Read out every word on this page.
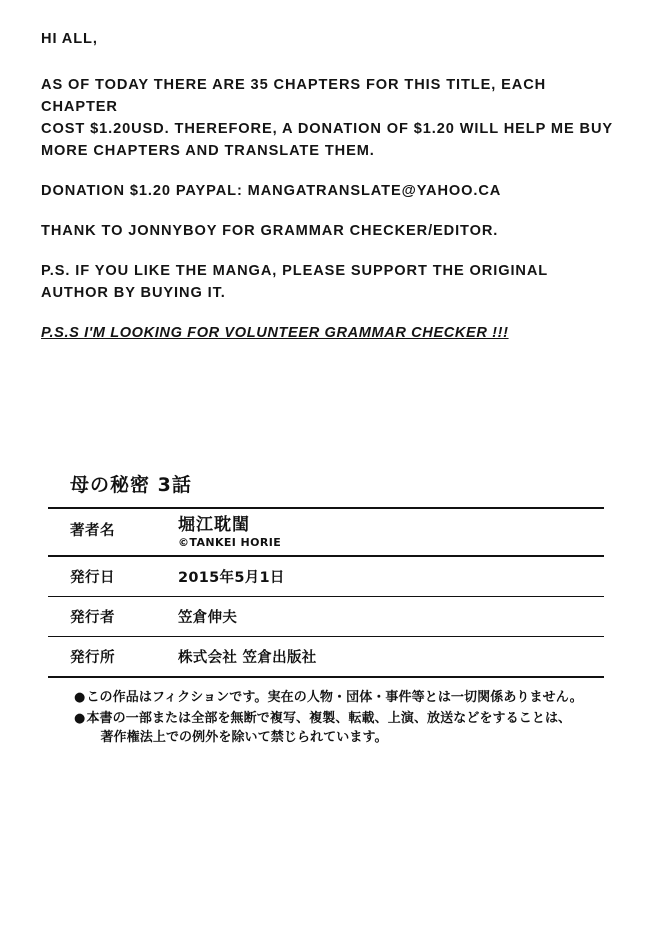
HI ALL,

AS OF TODAY THERE ARE 35 CHAPTERS FOR THIS TITLE, EACH CHAPTER

COST $1.20USD. THEREFORE, A DONATION OF $1.20 WILL HELP ME BUY

MORE CHAPTERS AND TRANSLATE THEM.

DONATION $1.20 PAYPAL: MANGATRANSLATE@YAHOO.CA

THANK TO JONNYBOY FOR GRAMMAR CHECKER/EDITOR.

P.S. IF YOU LIKE THE MANGA, PLEASE SUPPORT THE ORIGINAL

AUTHOR BY BUYING IT.

P.S.S I'M LOOKING FOR VOLUNTEER GRAMMAR CHECKER !!!

母の秘密 3話
著者名	堀江耽閨
©TANKEI HORIE
発行日	2015年5月1日
発行者	笠倉伸夫
発行所	株式会社 笠倉出版社
● この作品はフィクションです。実在の人物・団体・事件等とは一切関係ありません。
● 本書の一部または全部を無断で複写、複製、転載、上演、放送などをすることは、
著作権法上での例外を除いて禁じられています。
